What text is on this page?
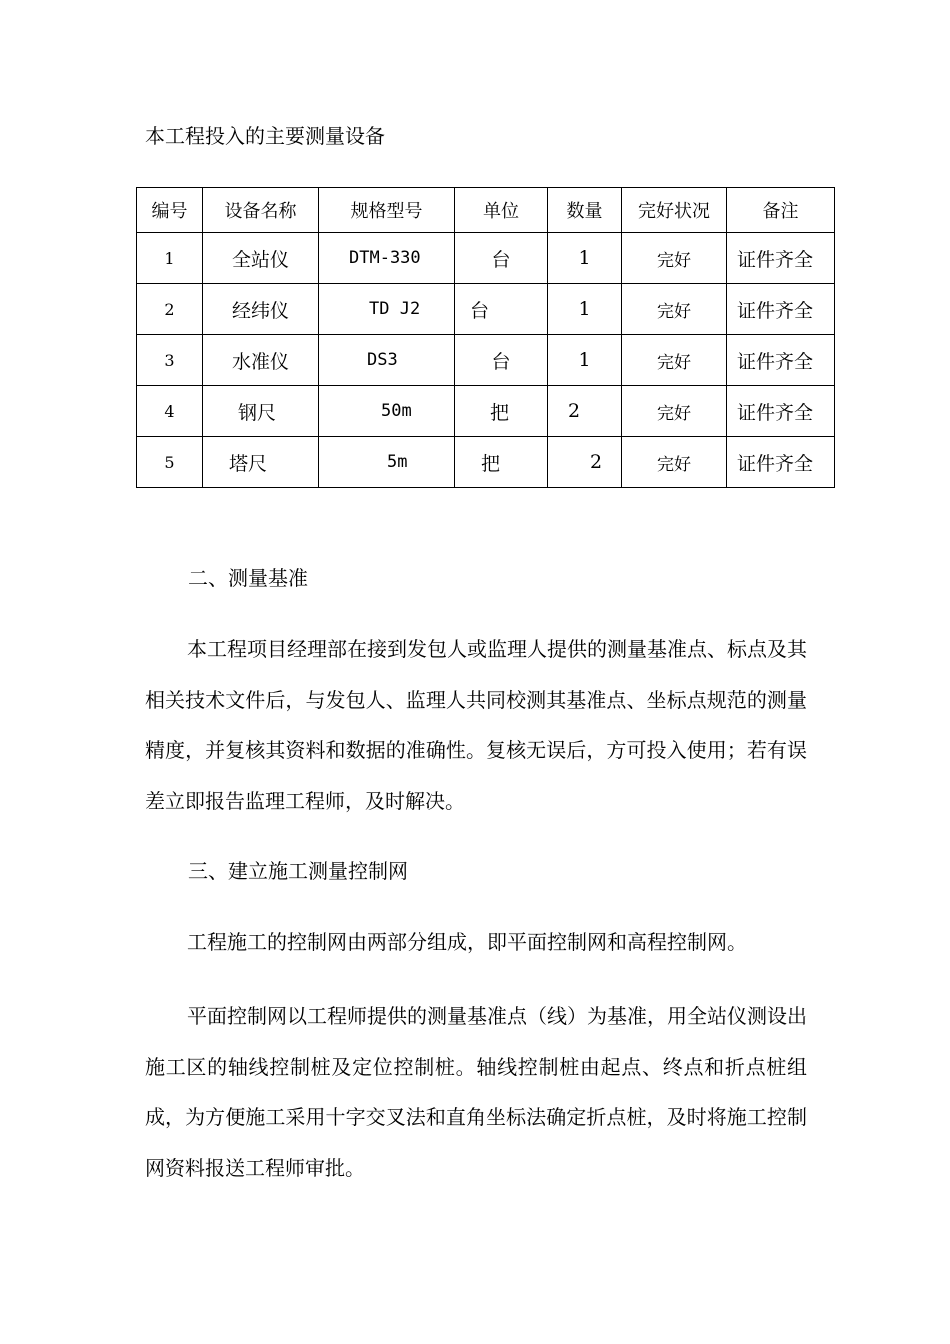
本工程投入的主要测量设备
编号	设备名称	规格型号	单位	数量	完好状况	备注
1	全站仪	DTM-330	台	1	完好	证件齐全
2	经纬仪	TD J2	台	1	完好	证件齐全
3	水准仪	DS3	台	1	完好	证件齐全
4	钢尺	50m	把	2	完好	证件齐全
5	塔尺	5m	把	2	完好	证件齐全
二、测量基准

本工程项目经理部在接到发包人或监理人提供的测量基准点、标点及其相关技术文件后，与发包人、监理人共同校测其基准点、坐标点规范的测量精度，并复核其资料和数据的准确性。复核无误后，方可投入使用；若有误差立即报告监理工程师，及时解决。

三、建立施工测量控制网

工程施工的控制网由两部分组成，即平面控制网和高程控制网。

平面控制网以工程师提供的测量基准点（线）为基准，用全站仪测设出施工区的轴线控制桩及定位控制桩。轴线控制桩由起点、终点和折点桩组成，为方便施工采用十字交叉法和直角坐标法确定折点桩，及时将施工控制网资料报送工程师审批。
